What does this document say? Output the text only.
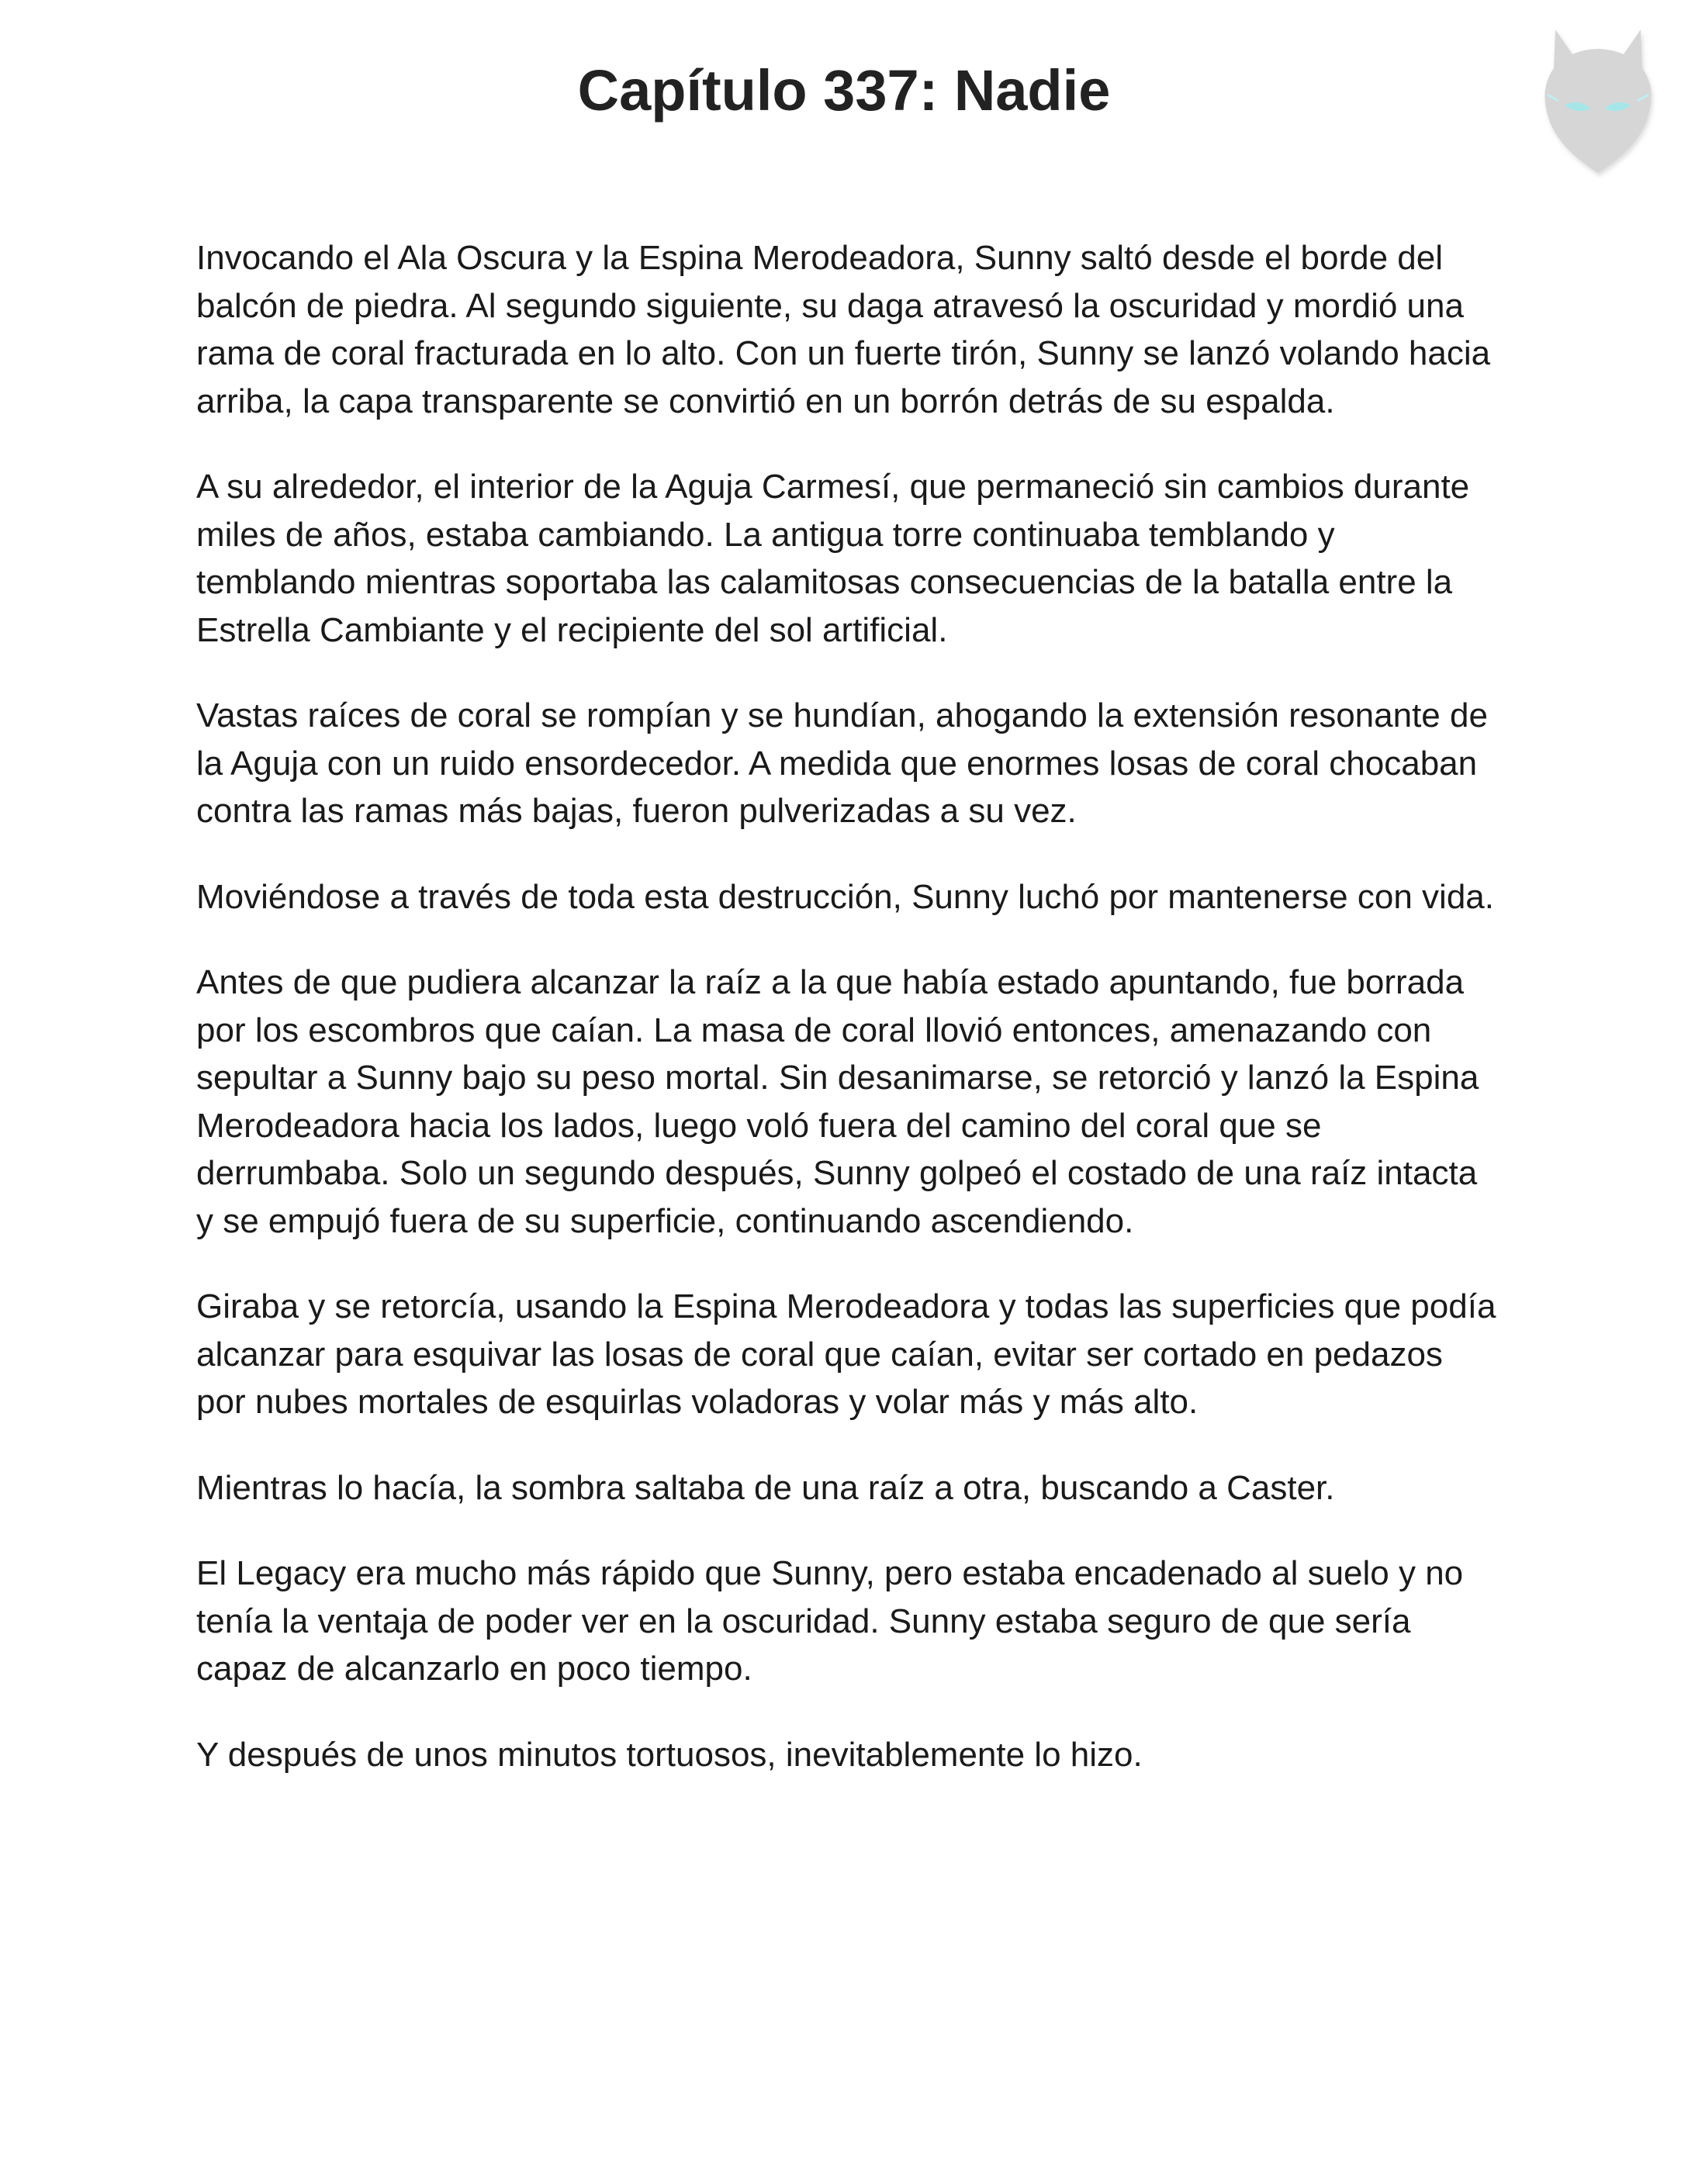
Capítulo 337: Nadie

Invocando el Ala Oscura y la Espina Merodeadora, Sunny saltó desde el borde del balcón de piedra. Al segundo siguiente, su daga atravesó la oscuridad y mordió una rama de coral fracturada en lo alto. Con un fuerte tirón, Sunny se lanzó volando hacia arriba, la capa transparente se convirtió en un borrón detrás de su espalda.

A su alrededor, el interior de la Aguja Carmesí, que permaneció sin cambios durante miles de años, estaba cambiando. La antigua torre continuaba temblando y temblando mientras soportaba las calamitosas consecuencias de la batalla entre la Estrella Cambiante y el recipiente del sol artificial.

Vastas raíces de coral se rompían y se hundían, ahogando la extensión resonante de la Aguja con un ruido ensordecedor. A medida que enormes losas de coral chocaban contra las ramas más bajas, fueron pulverizadas a su vez.

Moviéndose a través de toda esta destrucción, Sunny luchó por mantenerse con vida.

Antes de que pudiera alcanzar la raíz a la que había estado apuntando, fue borrada por los escombros que caían. La masa de coral llovió entonces, amenazando con sepultar a Sunny bajo su peso mortal. Sin desanimarse, se retorció y lanzó la Espina Merodeadora hacia los lados, luego voló fuera del camino del coral que se derrumbaba. Solo un segundo después, Sunny golpeó el costado de una raíz intacta y se empujó fuera de su superficie, continuando ascendiendo.

Giraba y se retorcía, usando la Espina Merodeadora y todas las superficies que podía alcanzar para esquivar las losas de coral que caían, evitar ser cortado en pedazos por nubes mortales de esquirlas voladoras y volar más y más alto.

Mientras lo hacía, la sombra saltaba de una raíz a otra, buscando a Caster.

El Legacy era mucho más rápido que Sunny, pero estaba encadenado al suelo y no tenía la ventaja de poder ver en la oscuridad. Sunny estaba seguro de que sería capaz de alcanzarlo en poco tiempo.

Y después de unos minutos tortuosos, inevitablemente lo hizo.
